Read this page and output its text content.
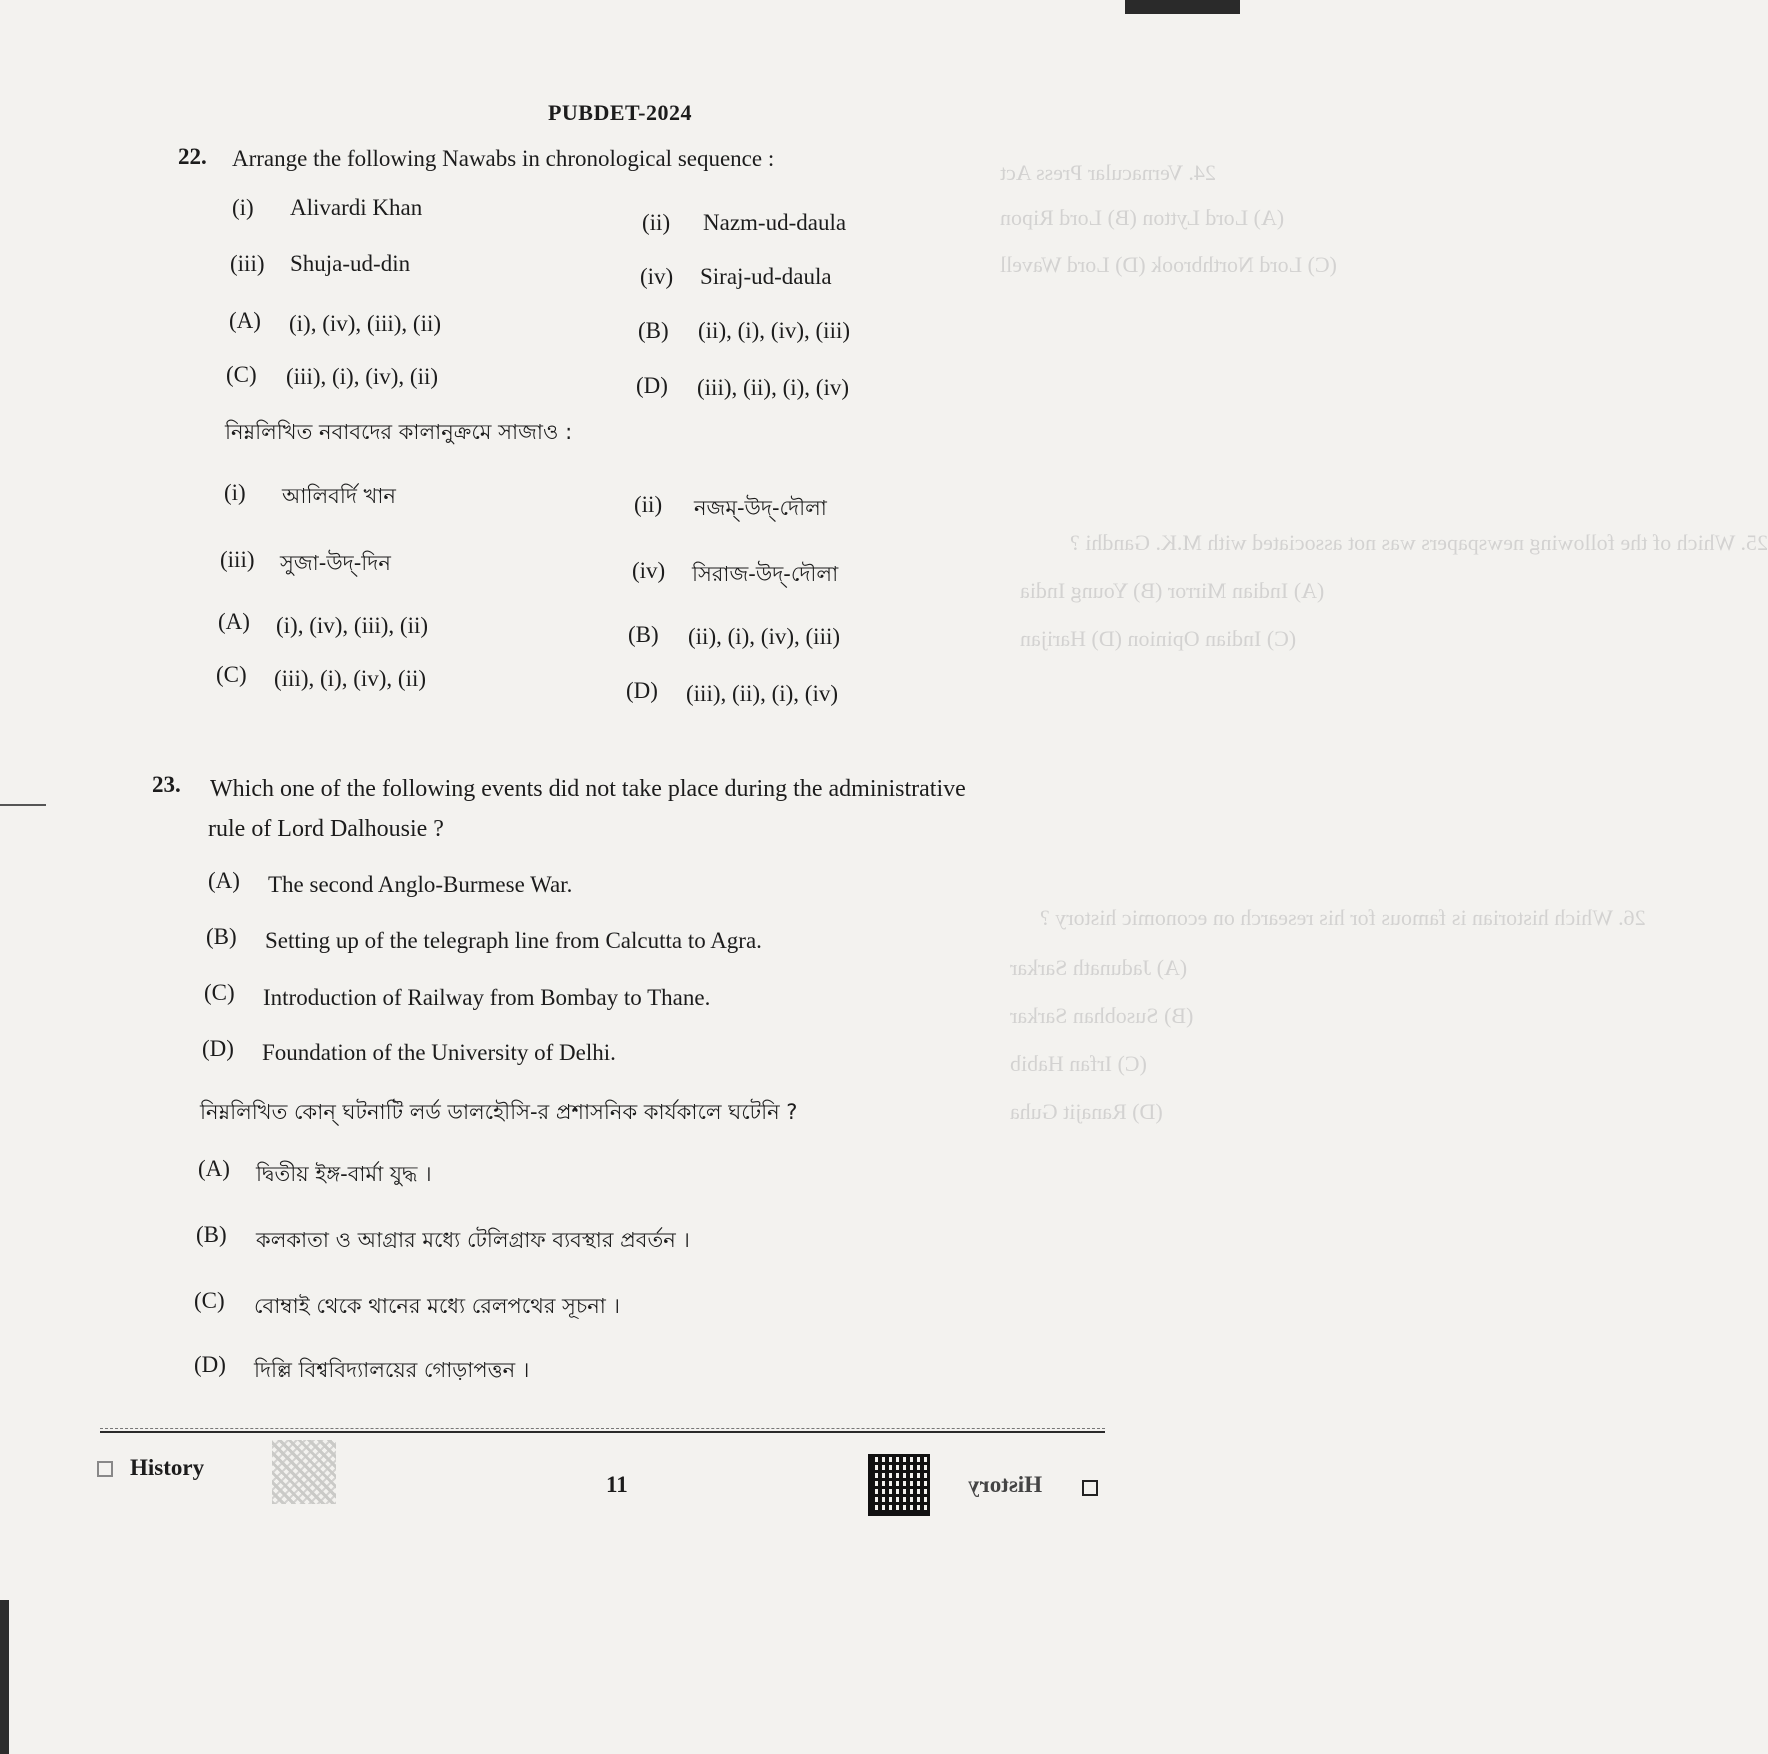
24. Vernacular Press Act
(A) Lord Lytton (B) Lord Ripon
(C) Lord Northbrook (D) Lord Wavell
25. Which of the following newspapers was not associated with M.K. Gandhi ?
(A) Indian Mirror (B) Young India
(C) Indian Opinion (D) Harijan
26. Which historian is famous for his research on economic history ?
(A) Jadunath Sarkar
(B) Susobhan Sarkar
(C) Irfan Habib
(D) Ranajit Guha
PUBDET-2024
22. Arrange the following Nawabs in chronological sequence :
(i) Alivardi Khan
(ii) Nazm-ud-daula
(iii) Shuja-ud-din
(iv) Siraj-ud-daula
(A) (i), (iv), (iii), (ii)	(B) (ii), (i), (iv), (iii)
(C) (iii), (i), (iv), (ii)	(D) (iii), (ii), (i), (iv)
নিম্নলিখিত নবাবদের কালানুক্রমে সাজাও :
(i) আলিবর্দি খান	(ii) নজম্-উদ্-দৌলা
(iii) সুজা-উদ্-দিন	(iv) সিরাজ-উদ্-দৌলা
(A) (i), (iv), (iii), (ii)	(B) (ii), (i), (iv), (iii)
(C) (iii), (i), (iv), (ii)	(D) (iii), (ii), (i), (iv)
23. Which one of the following events did not take place during the administrative
rule of Lord Dalhousie ?
(A) The second Anglo-Burmese War.
(B) Setting up of the telegraph line from Calcutta to Agra.
(C) Introduction of Railway from Bombay to Thane.
(D) Foundation of the University of Delhi.
নিম্নলিখিত কোন্ ঘটনাটি লর্ড ডালহৌসি-র প্রশাসনিক কার্যকালে ঘটেনি ?
(A) দ্বিতীয় ইঙ্গ-বার্মা যুদ্ধ ।
(B) কলকাতা ও আগ্রার মধ্যে টেলিগ্রাফ ব্যবস্থার প্রবর্তন ।
(C) বোম্বাই থেকে থানের মধ্যে রেলপথের সূচনা ।
(D) দিল্লি বিশ্ববিদ্যালয়ের গোড়াপত্তন ।
History
11	History
